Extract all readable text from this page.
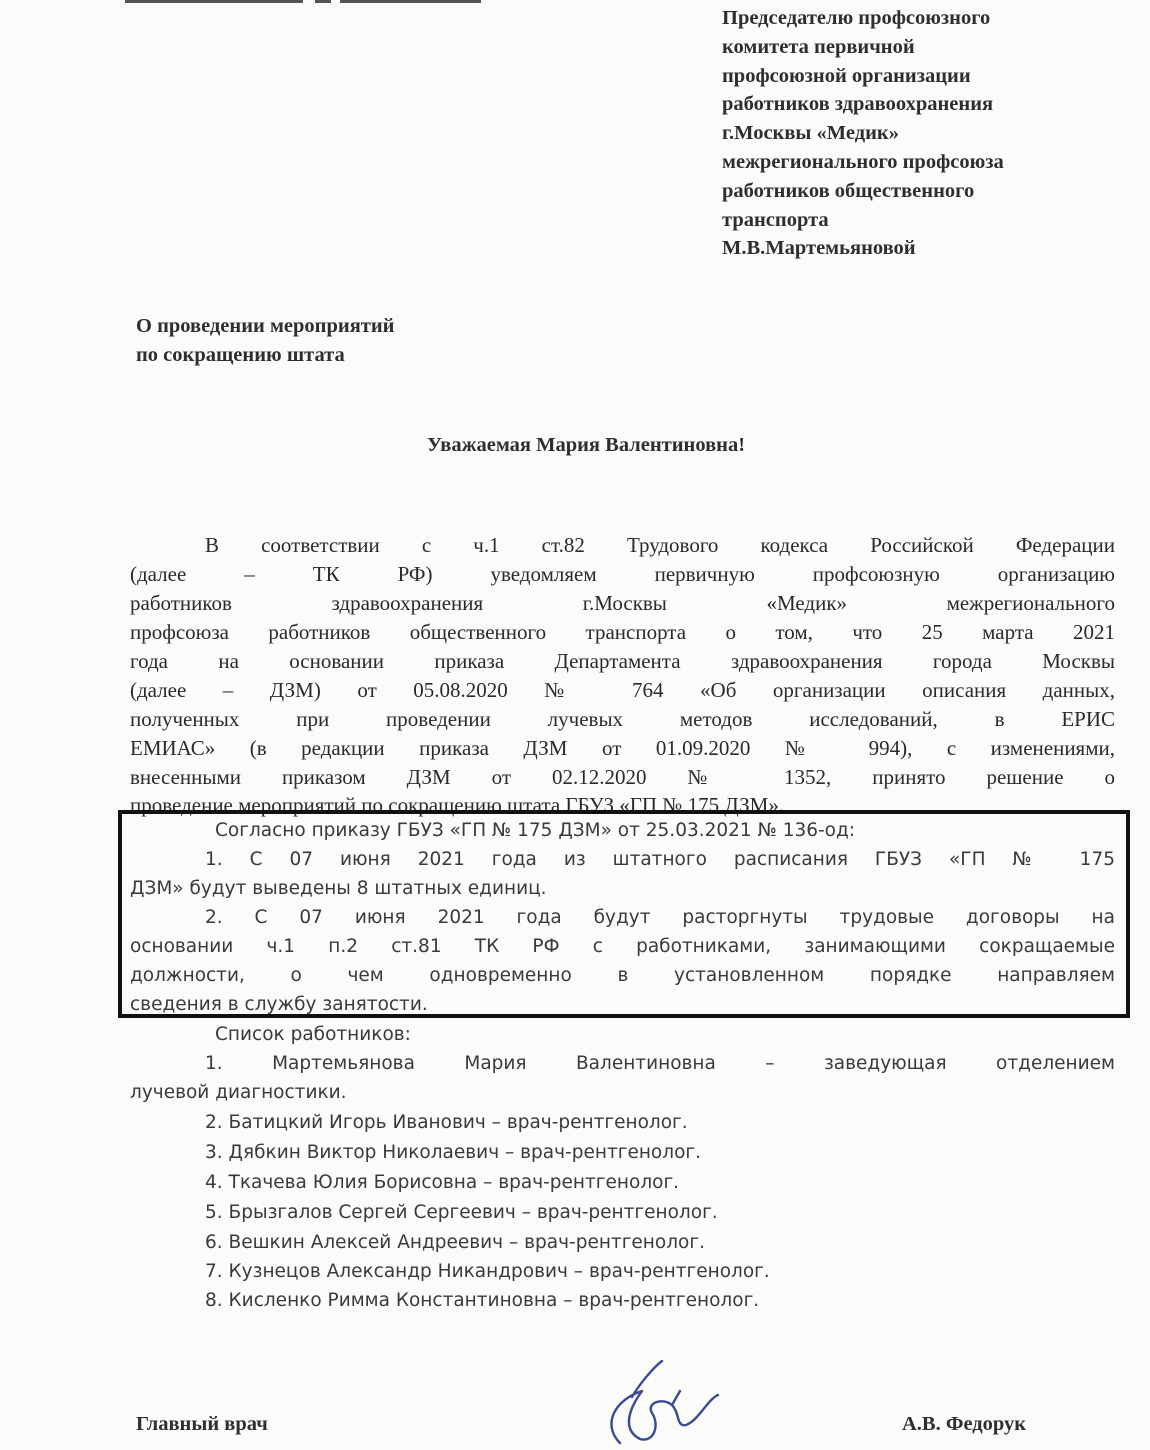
Председателю профсоюзного
комитета первичной
профсоюзной организации
работников здравоохранения
г.Москвы «Медик»
межрегионального профсоюза
работников общественного
транспорта
М.В.Мартемьяновой
О проведении мероприятий
по сокращению штата
Уважаемая Мария Валентиновна!
В соответствии с ч.1 ст.82 Трудового кодекса Российской Федерации
(далее – ТК РФ) уведомляем первичную профсоюзную организацию
работников здравоохранения г.Москвы «Медик» межрегионального
профсоюза работников общественного транспорта о том, что 25 марта 2021
года на основании приказа Департамента здравоохранения города Москвы
(далее – ДЗМ) от 05.08.2020 № 764 «Об организации описания данных,
полученных при проведении лучевых методов исследований, в ЕРИС
ЕМИАС» (в редакции приказа ДЗМ от 01.09.2020 № 994), с изменениями,
внесенными приказом ДЗМ от 02.12.2020 № 1352, принято решение о
проведение мероприятий по сокращению штата ГБУЗ «ГП № 175 ДЗМ».
Согласно приказу ГБУЗ «ГП № 175 ДЗМ» от 25.03.2021 № 136-од:
1. С 07 июня 2021 года из штатного расписания ГБУЗ «ГП № 175
ДЗМ» будут выведены 8 штатных единиц.
2. С 07 июня 2021 года будут расторгнуты трудовые договоры на
основании ч.1 п.2 ст.81 ТК РФ с работниками, занимающими сокращаемые
должности, о чем одновременно в установленном порядке направляем
сведения в службу занятости.
Список работников:
1. Мартемьянова Мария Валентиновна – заведующая отделением
лучевой диагностики.
2. Батицкий Игорь Иванович – врач-рентгенолог.
3. Дябкин Виктор Николаевич – врач-рентгенолог.
4. Ткачева Юлия Борисовна – врач-рентгенолог.
5. Брызгалов Сергей Сергеевич – врач-рентгенолог.
6. Вешкин Алексей Андреевич – врач-рентгенолог.
7. Кузнецов Александр Никандрович – врач-рентгенолог.
8. Кисленко Римма Константиновна – врач-рентгенолог.
Главный врач	А.В. Федорук
